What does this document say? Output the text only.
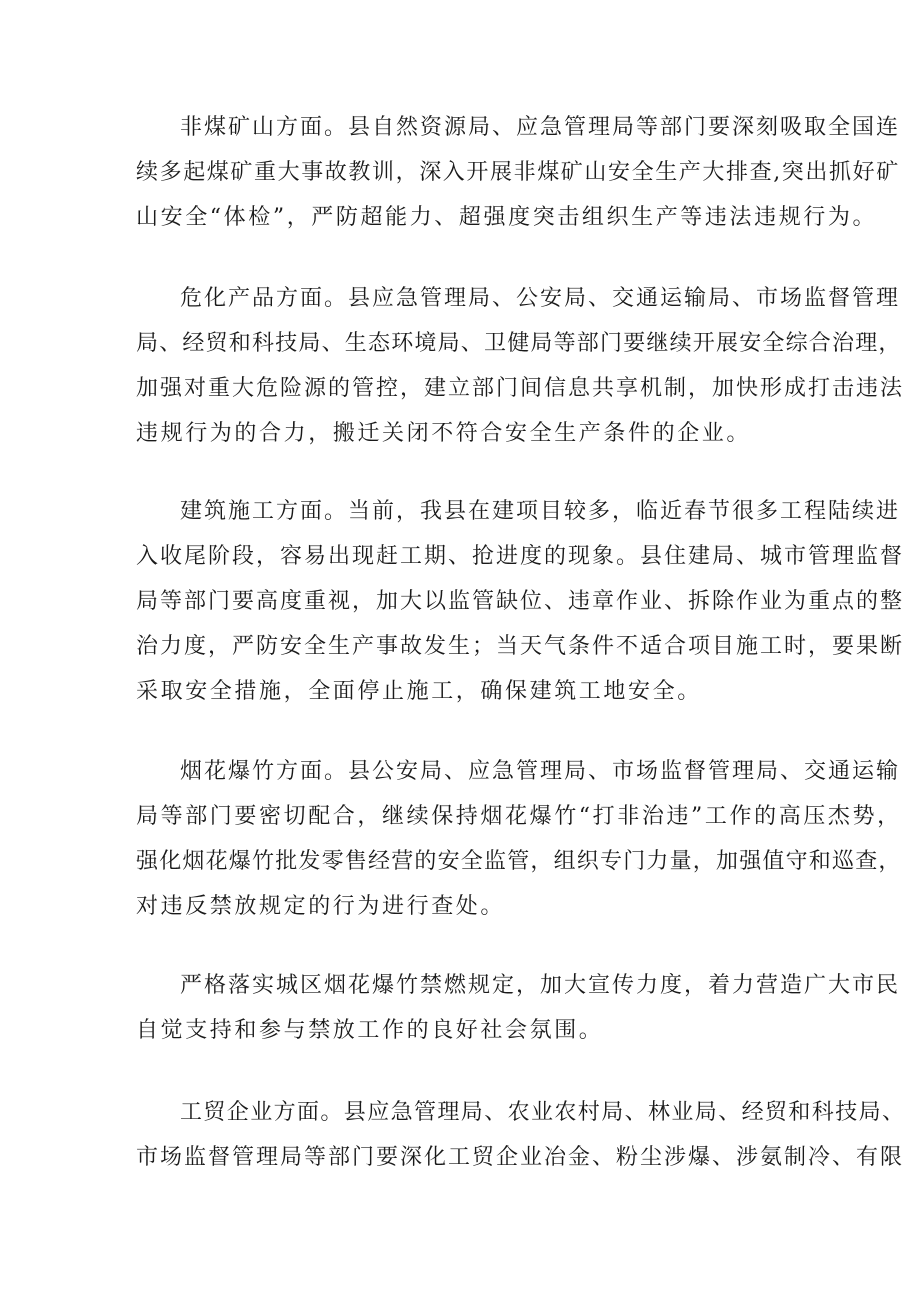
非煤矿山方面。县自然资源局、应急管理局等部门要深刻吸取全国连
续多起煤矿重大事故教训，深入开展非煤矿山安全生产大排查,突出抓好矿
山安全“体检”，严防超能力、超强度突击组织生产等违法违规行为。
危化产品方面。县应急管理局、公安局、交通运输局、市场监督管理
局、经贸和科技局、生态环境局、卫健局等部门要继续开展安全综合治理，
加强对重大危险源的管控，建立部门间信息共享机制，加快形成打击违法
违规行为的合力，搬迁关闭不符合安全生产条件的企业。
建筑施工方面。当前，我县在建项目较多，临近春节很多工程陆续进
入收尾阶段，容易出现赶工期、抢进度的现象。县住建局、城市管理监督
局等部门要高度重视，加大以监管缺位、违章作业、拆除作业为重点的整
治力度，严防安全生产事故发生；当天气条件不适合项目施工时，要果断
采取安全措施，全面停止施工，确保建筑工地安全。
烟花爆竹方面。县公安局、应急管理局、市场监督管理局、交通运输
局等部门要密切配合，继续保持烟花爆竹“打非治违”工作的高压杰势，
强化烟花爆竹批发零售经营的安全监管，组织专门力量，加强值守和巡查，
对违反禁放规定的行为进行查处。
严格落实城区烟花爆竹禁燃规定，加大宣传力度，着力营造广大市民
自觉支持和参与禁放工作的良好社会氛围。
工贸企业方面。县应急管理局、农业农村局、林业局、经贸和科技局、
市场监督管理局等部门要深化工贸企业冶金、粉尘涉爆、涉氨制冷、有限
